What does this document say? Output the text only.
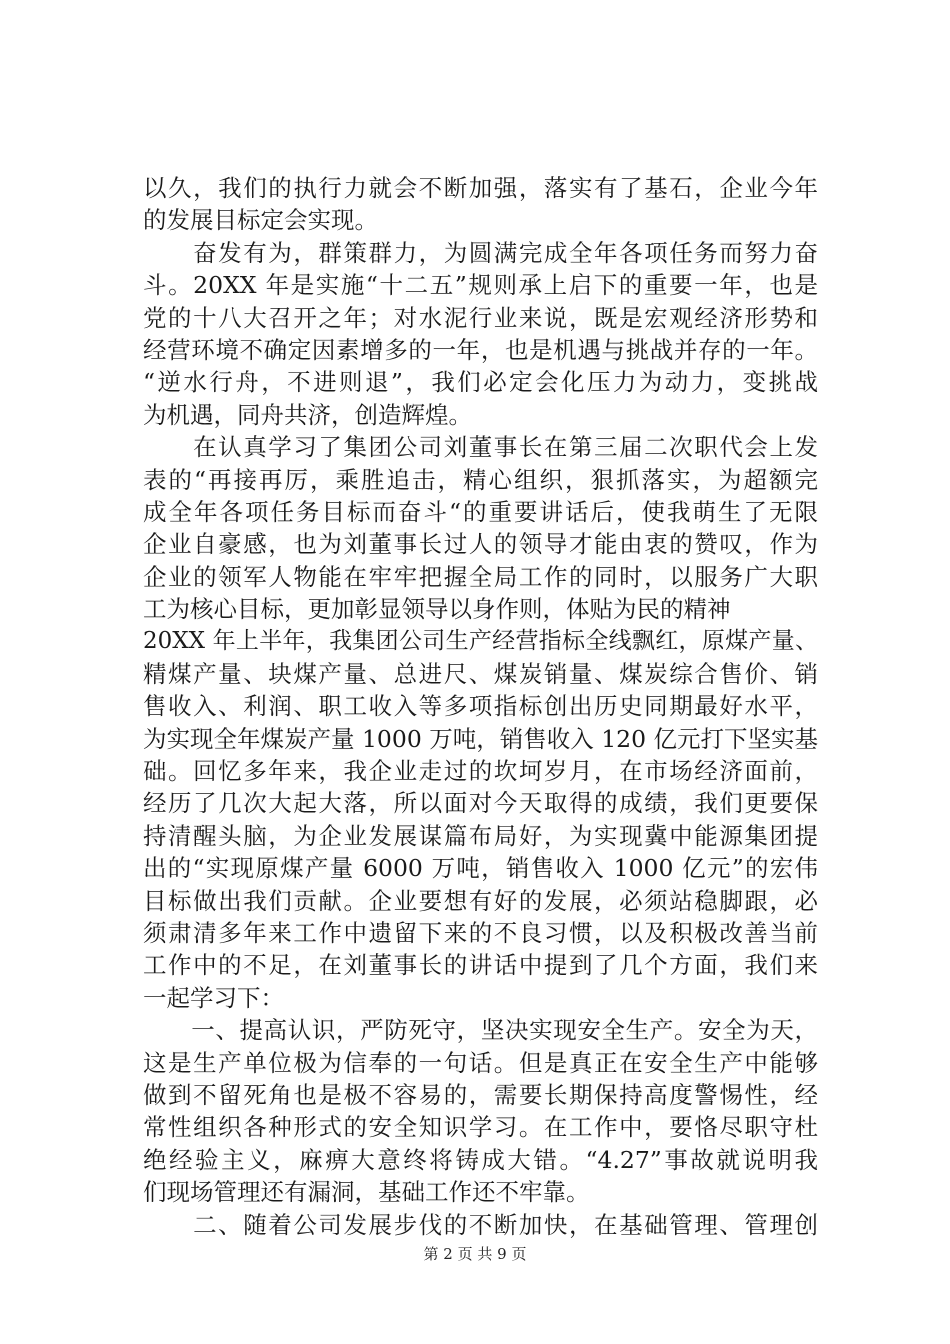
以久，我们的执行力就会不断加强，落实有了基石，企业今年
的发展目标定会实现。
　　奋发有为，群策群力，为圆满完成全年各项任务而努力奋
斗。20XX 年是实施“十二五”规则承上启下的重要一年，也是
党的十八大召开之年；对水泥行业来说，既是宏观经济形势和
经营环境不确定因素增多的一年，也是机遇与挑战并存的一年。
“逆水行舟，不进则退”，我们必定会化压力为动力，变挑战
为机遇，同舟共济，创造辉煌。
　　在认真学习了集团公司刘董事长在第三届二次职代会上发
表的“再接再厉，乘胜追击，精心组织，狠抓落实，为超额完
成全年各项任务目标而奋斗“的重要讲话后，使我萌生了无限
企业自豪感，也为刘董事长过人的领导才能由衷的赞叹，作为
企业的领军人物能在牢牢把握全局工作的同时，以服务广大职
工为核心目标，更加彰显领导以身作则，体贴为民的精神
20XX 年上半年，我集团公司生产经营指标全线飘红，原煤产量、
精煤产量、块煤产量、总进尺、煤炭销量、煤炭综合售价、销
售收入、利润、职工收入等多项指标创出历史同期最好水平，
为实现全年煤炭产量 1000 万吨，销售收入 120 亿元打下坚实基
础。回忆多年来，我企业走过的坎坷岁月，在市场经济面前，
经历了几次大起大落，所以面对今天取得的成绩，我们更要保
持清醒头脑，为企业发展谋篇布局好，为实现冀中能源集团提
出的“实现原煤产量 6000 万吨，销售收入 1000 亿元”的宏伟
目标做出我们贡献。企业要想有好的发展，必须站稳脚跟，必
须肃清多年来工作中遗留下来的不良习惯，以及积极改善当前
工作中的不足，在刘董事长的讲话中提到了几个方面，我们来
一起学习下：
　　一、提高认识，严防死守，坚决实现安全生产。安全为天，
这是生产单位极为信奉的一句话。但是真正在安全生产中能够
做到不留死角也是极不容易的，需要长期保持高度警惕性，经
常性组织各种形式的安全知识学习。在工作中，要恪尽职守杜
绝经验主义，麻痹大意终将铸成大错。“4.27”事故就说明我
们现场管理还有漏洞，基础工作还不牢靠。
　　二、随着公司发展步伐的不断加快，在基础管理、管理创
第 2 页 共 9 页
